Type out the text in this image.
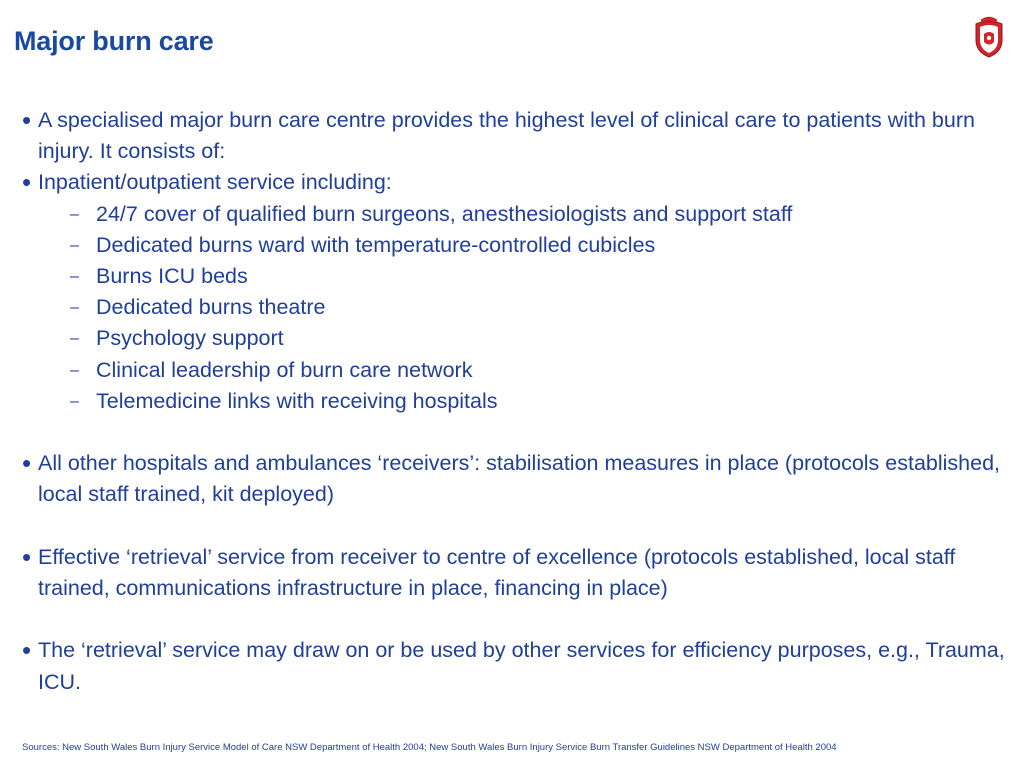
Major burn care
• A specialised major burn care centre provides the highest level of clinical care to patients with burn injury. It consists of:
• Inpatient/outpatient service including:
– 24/7 cover of qualified burn surgeons, anesthesiologists and support staff
– Dedicated burns ward with temperature-controlled cubicles
– Burns ICU beds
– Dedicated burns theatre
– Psychology support
– Clinical leadership of burn care network
– Telemedicine links with receiving hospitals
• All other hospitals and ambulances ‘receivers’: stabilisation measures in place (protocols established, local staff trained, kit deployed)
• Effective ‘retrieval’ service from receiver to centre of excellence (protocols established, local staff trained, communications infrastructure in place, financing in place)
• The ‘retrieval’ service may draw on or be used by other services for efficiency purposes, e.g., Trauma, ICU.
Sources: New South Wales Burn Injury Service Model of Care NSW Department of Health 2004; New South Wales Burn Injury Service Burn Transfer Guidelines NSW Department of Health 2004
